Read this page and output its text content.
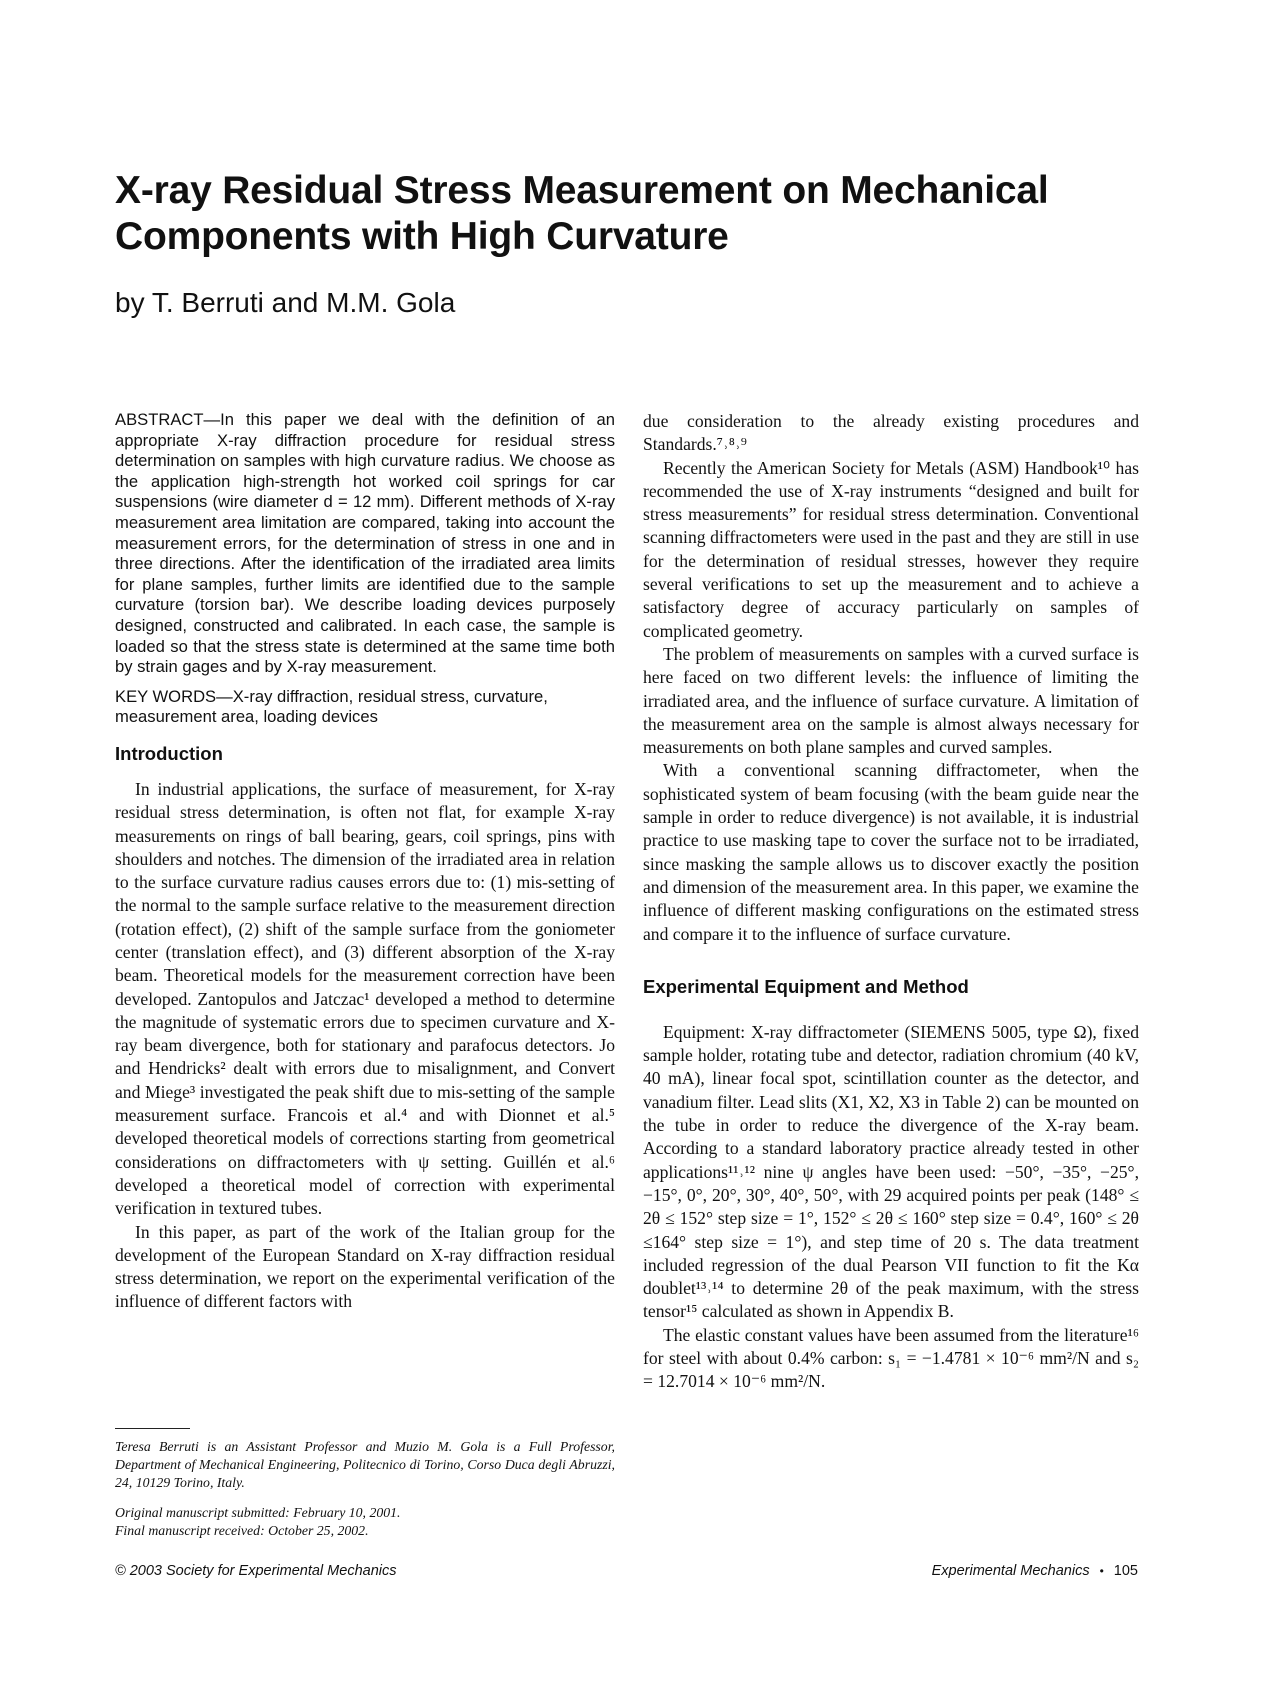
X-ray Residual Stress Measurement on Mechanical Components with High Curvature
by T. Berruti and M.M. Gola

ABSTRACT—In this paper we deal with the definition of an appropriate X-ray diffraction procedure for residual stress determination on samples with high curvature radius. We choose as the application high-strength hot worked coil springs for car suspensions (wire diameter d = 12 mm). Different methods of X-ray measurement area limitation are compared, taking into account the measurement errors, for the determination of stress in one and in three directions. After the identification of the irradiated area limits for plane samples, further limits are identified due to the sample curvature (torsion bar). We describe loading devices purposely designed, constructed and calibrated. In each case, the sample is loaded so that the stress state is determined at the same time both by strain gages and by X-ray measurement.

KEY WORDS—X-ray diffraction, residual stress, curvature, measurement area, loading devices

Introduction

In industrial applications, the surface of measurement, for X-ray residual stress determination, is often not flat, for example X-ray measurements on rings of ball bearing, gears, coil springs, pins with shoulders and notches. The dimension of the irradiated area in relation to the surface curvature radius causes errors due to: (1) mis-setting of the normal to the sample surface relative to the measurement direction (rotation effect), (2) shift of the sample surface from the goniometer center (translation effect), and (3) different absorption of the X-ray beam. Theoretical models for the measurement correction have been developed. Zantopulos and Jatczac¹ developed a method to determine the magnitude of systematic errors due to specimen curvature and X-ray beam divergence, both for stationary and parafocus detectors. Jo and Hendricks² dealt with errors due to misalignment, and Convert and Miege³ investigated the peak shift due to mis-setting of the sample measurement surface. Francois et al.⁴ and with Dionnet et al.⁵ developed theoretical models of corrections starting from geometrical considerations on diffractometers with ψ setting. Guillén et al.⁶ developed a theoretical model of correction with experimental verification in textured tubes.

In this paper, as part of the work of the Italian group for the development of the European Standard on X-ray diffraction residual stress determination, we report on the experimental verification of the influence of different factors with

due consideration to the already existing procedures and Standards.⁷˒⁸˒⁹

Recently the American Society for Metals (ASM) Handbook¹⁰ has recommended the use of X-ray instruments “designed and built for stress measurements” for residual stress determination. Conventional scanning diffractometers were used in the past and they are still in use for the determination of residual stresses, however they require several verifications to set up the measurement and to achieve a satisfactory degree of accuracy particularly on samples of complicated geometry.

The problem of measurements on samples with a curved surface is here faced on two different levels: the influence of limiting the irradiated area, and the influence of surface curvature. A limitation of the measurement area on the sample is almost always necessary for measurements on both plane samples and curved samples.

With a conventional scanning diffractometer, when the sophisticated system of beam focusing (with the beam guide near the sample in order to reduce divergence) is not available, it is industrial practice to use masking tape to cover the surface not to be irradiated, since masking the sample allows us to discover exactly the position and dimension of the measurement area. In this paper, we examine the influence of different masking configurations on the estimated stress and compare it to the influence of surface curvature.

Experimental Equipment and Method

Equipment: X-ray diffractometer (SIEMENS 5005, type Ω), fixed sample holder, rotating tube and detector, radiation chromium (40 kV, 40 mA), linear focal spot, scintillation counter as the detector, and vanadium filter. Lead slits (X1, X2, X3 in Table 2) can be mounted on the tube in order to reduce the divergence of the X-ray beam. According to a standard laboratory practice already tested in other applications¹¹˒¹² nine ψ angles have been used: −50°, −35°, −25°, −15°, 0°, 20°, 30°, 40°, 50°, with 29 acquired points per peak (148° ≤ 2θ ≤ 152° step size = 1°, 152° ≤ 2θ ≤ 160° step size = 0.4°, 160° ≤ 2θ ≤164° step size = 1°), and step time of 20 s. The data treatment included regression of the dual Pearson VII function to fit the Kα doublet¹³˒¹⁴ to determine 2θ of the peak maximum, with the stress tensor¹⁵ calculated as shown in Appendix B.

The elastic constant values have been assumed from the literature¹⁶ for steel with about 0.4% carbon: s₁ = −1.4781 × 10⁻⁶ mm²/N and s₂ = 12.7014 × 10⁻⁶ mm²/N.

Teresa Berruti is an Assistant Professor and Muzio M. Gola is a Full Professor, Department of Mechanical Engineering, Politecnico di Torino, Corso Duca degli Abruzzi, 24, 10129 Torino, Italy.

Original manuscript submitted: February 10, 2001.
Final manuscript received: October 25, 2002.
© 2003 Society for Experimental Mechanics	Experimental Mechanics • 105
